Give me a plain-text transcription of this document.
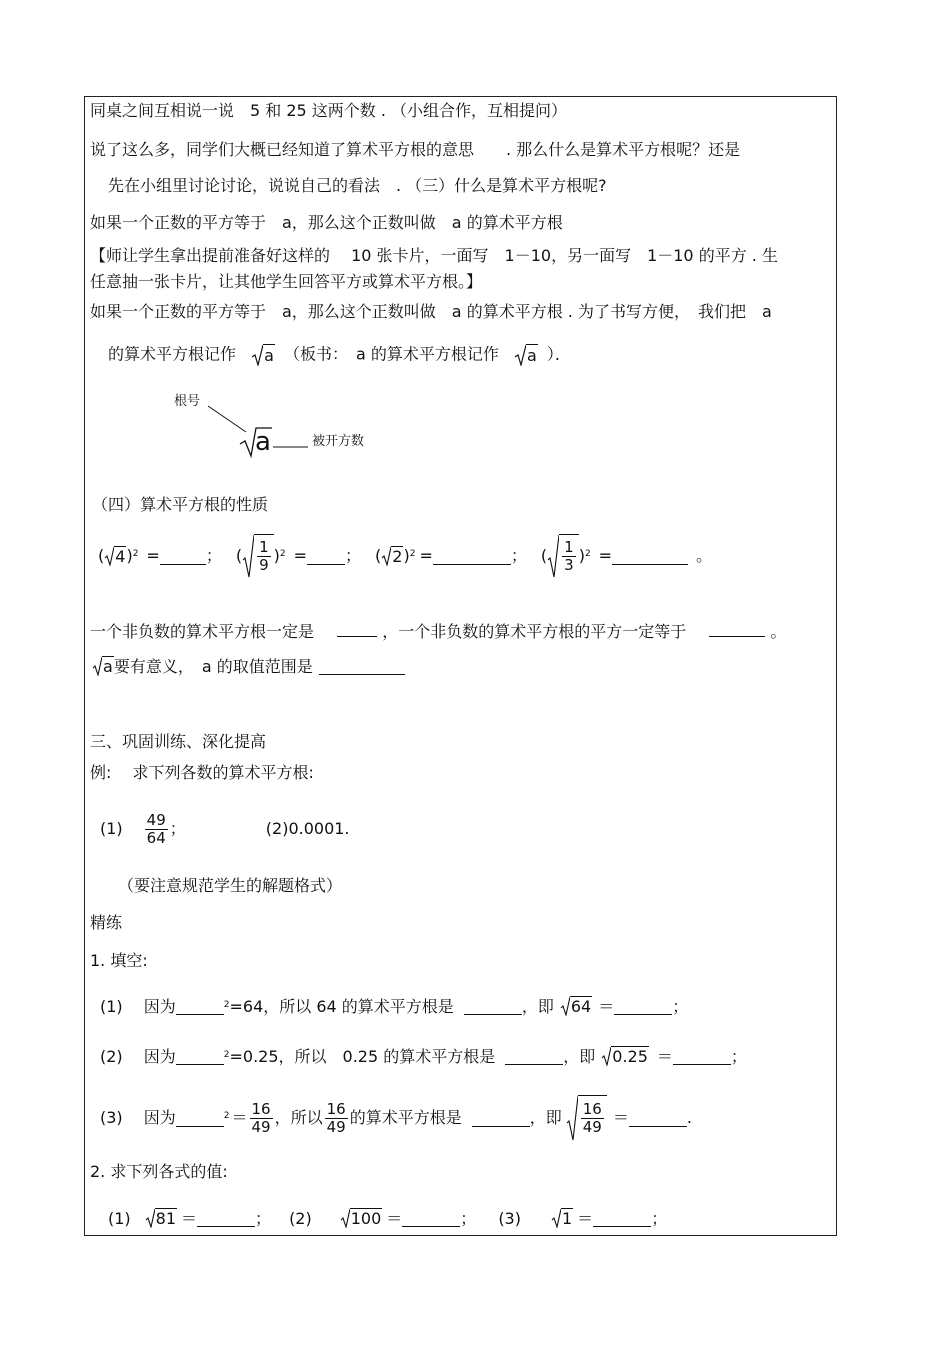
同桌之间互相说一说　5 和 25 这两个数 . （小组合作，互相提问）
说了这么多，同学们大概已经知道了算术平方根的意思　　. 那么什么是算术平方根呢？还是
先在小组里讨论讨论，说说自己的看法　. （三）什么是算术平方根呢?
如果一个正数的平方等于　a，那么这个正数叫做　a 的算术平方根
【师让学生拿出提前准备好这样的　 10 张卡片，一面写　1－10，另一面写　1－10 的平方 . 生
任意抽一张卡片，让其他学生回答平方或算术平方根。】
如果一个正数的平方等于　a，那么这个正数叫做　a 的算术平方根 . 为了书写方便，　我们把　a
的算术平方根记作 a （板书：　a 的算术平方根记作 a ）．
根号
a	被开方数
（四）算术平方根的性质
( 4 ) 2 =	； ( $\frac{1}{9}$ ) 2 = ； ( 2 ) 2 =	； ( $\frac{1}{3}$ ) 2 =	。
一个非负数的算术平方根一定是	，一个非负数的算术平方根的平方一定等于	。
a 要有意义，　a 的取值范围是
三、巩固训练、深化提高
例:　 求下列各数的算术平方根:
$(1) \frac{49}{64}$ ；	(2)0.0001.
（要注意规范学生的解题格式）
精练
1. 填空:
(1)　 因为	2 =64，所以 64 的算术平方根是	，即 64 ＝	；
(2)　 因为	2 =0.25，所以　0.25 的算术平方根是	，即 0.25 ＝	；
(3)　 因为	$2 = \frac{16}{49}$ ，所以 $\frac{16}{49}$ 的算术平方根是	，即 $\frac{16}{49}$ ＝	.
2. 求下列各式的值:
(1) 81 ＝	； (2) 100 ＝	； (3)	1 ＝	；
